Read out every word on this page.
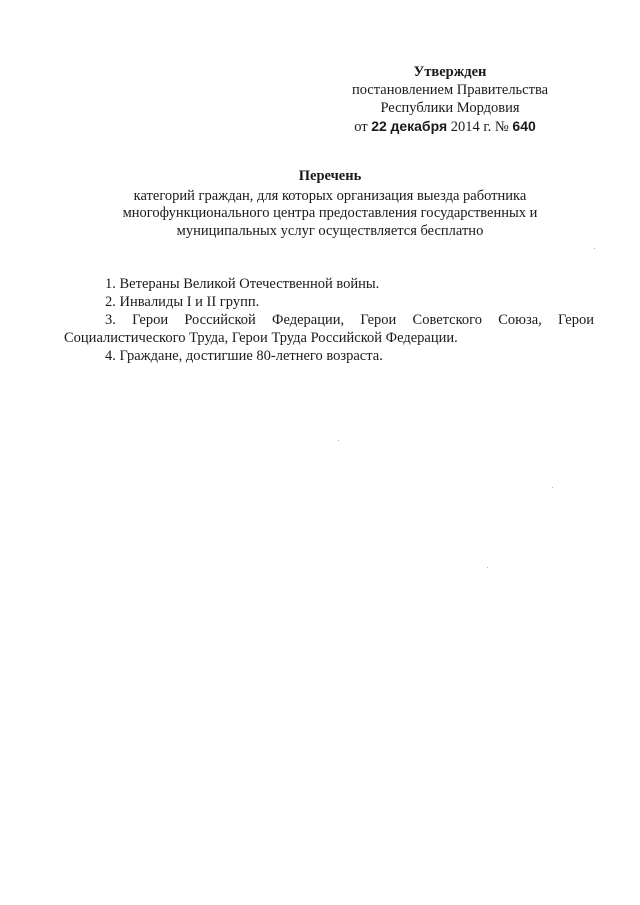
Утвержден
постановлением Правительства
Республики Мордовия
от 22 декабря 2014 г. № 640
Перечень
категорий граждан, для которых организация выезда работника
многофункционального центра предоставления государственных и
муниципальных услуг осуществляется бесплатно
1. Ветераны Великой Отечественной войны.
2. Инвалиды I и II групп.
3. Герои Российской Федерации, Герои Советского Союза, Герои Социалистического Труда, Герои Труда Российской Федерации.
4. Граждане, достигшие 80-летнего возраста.
